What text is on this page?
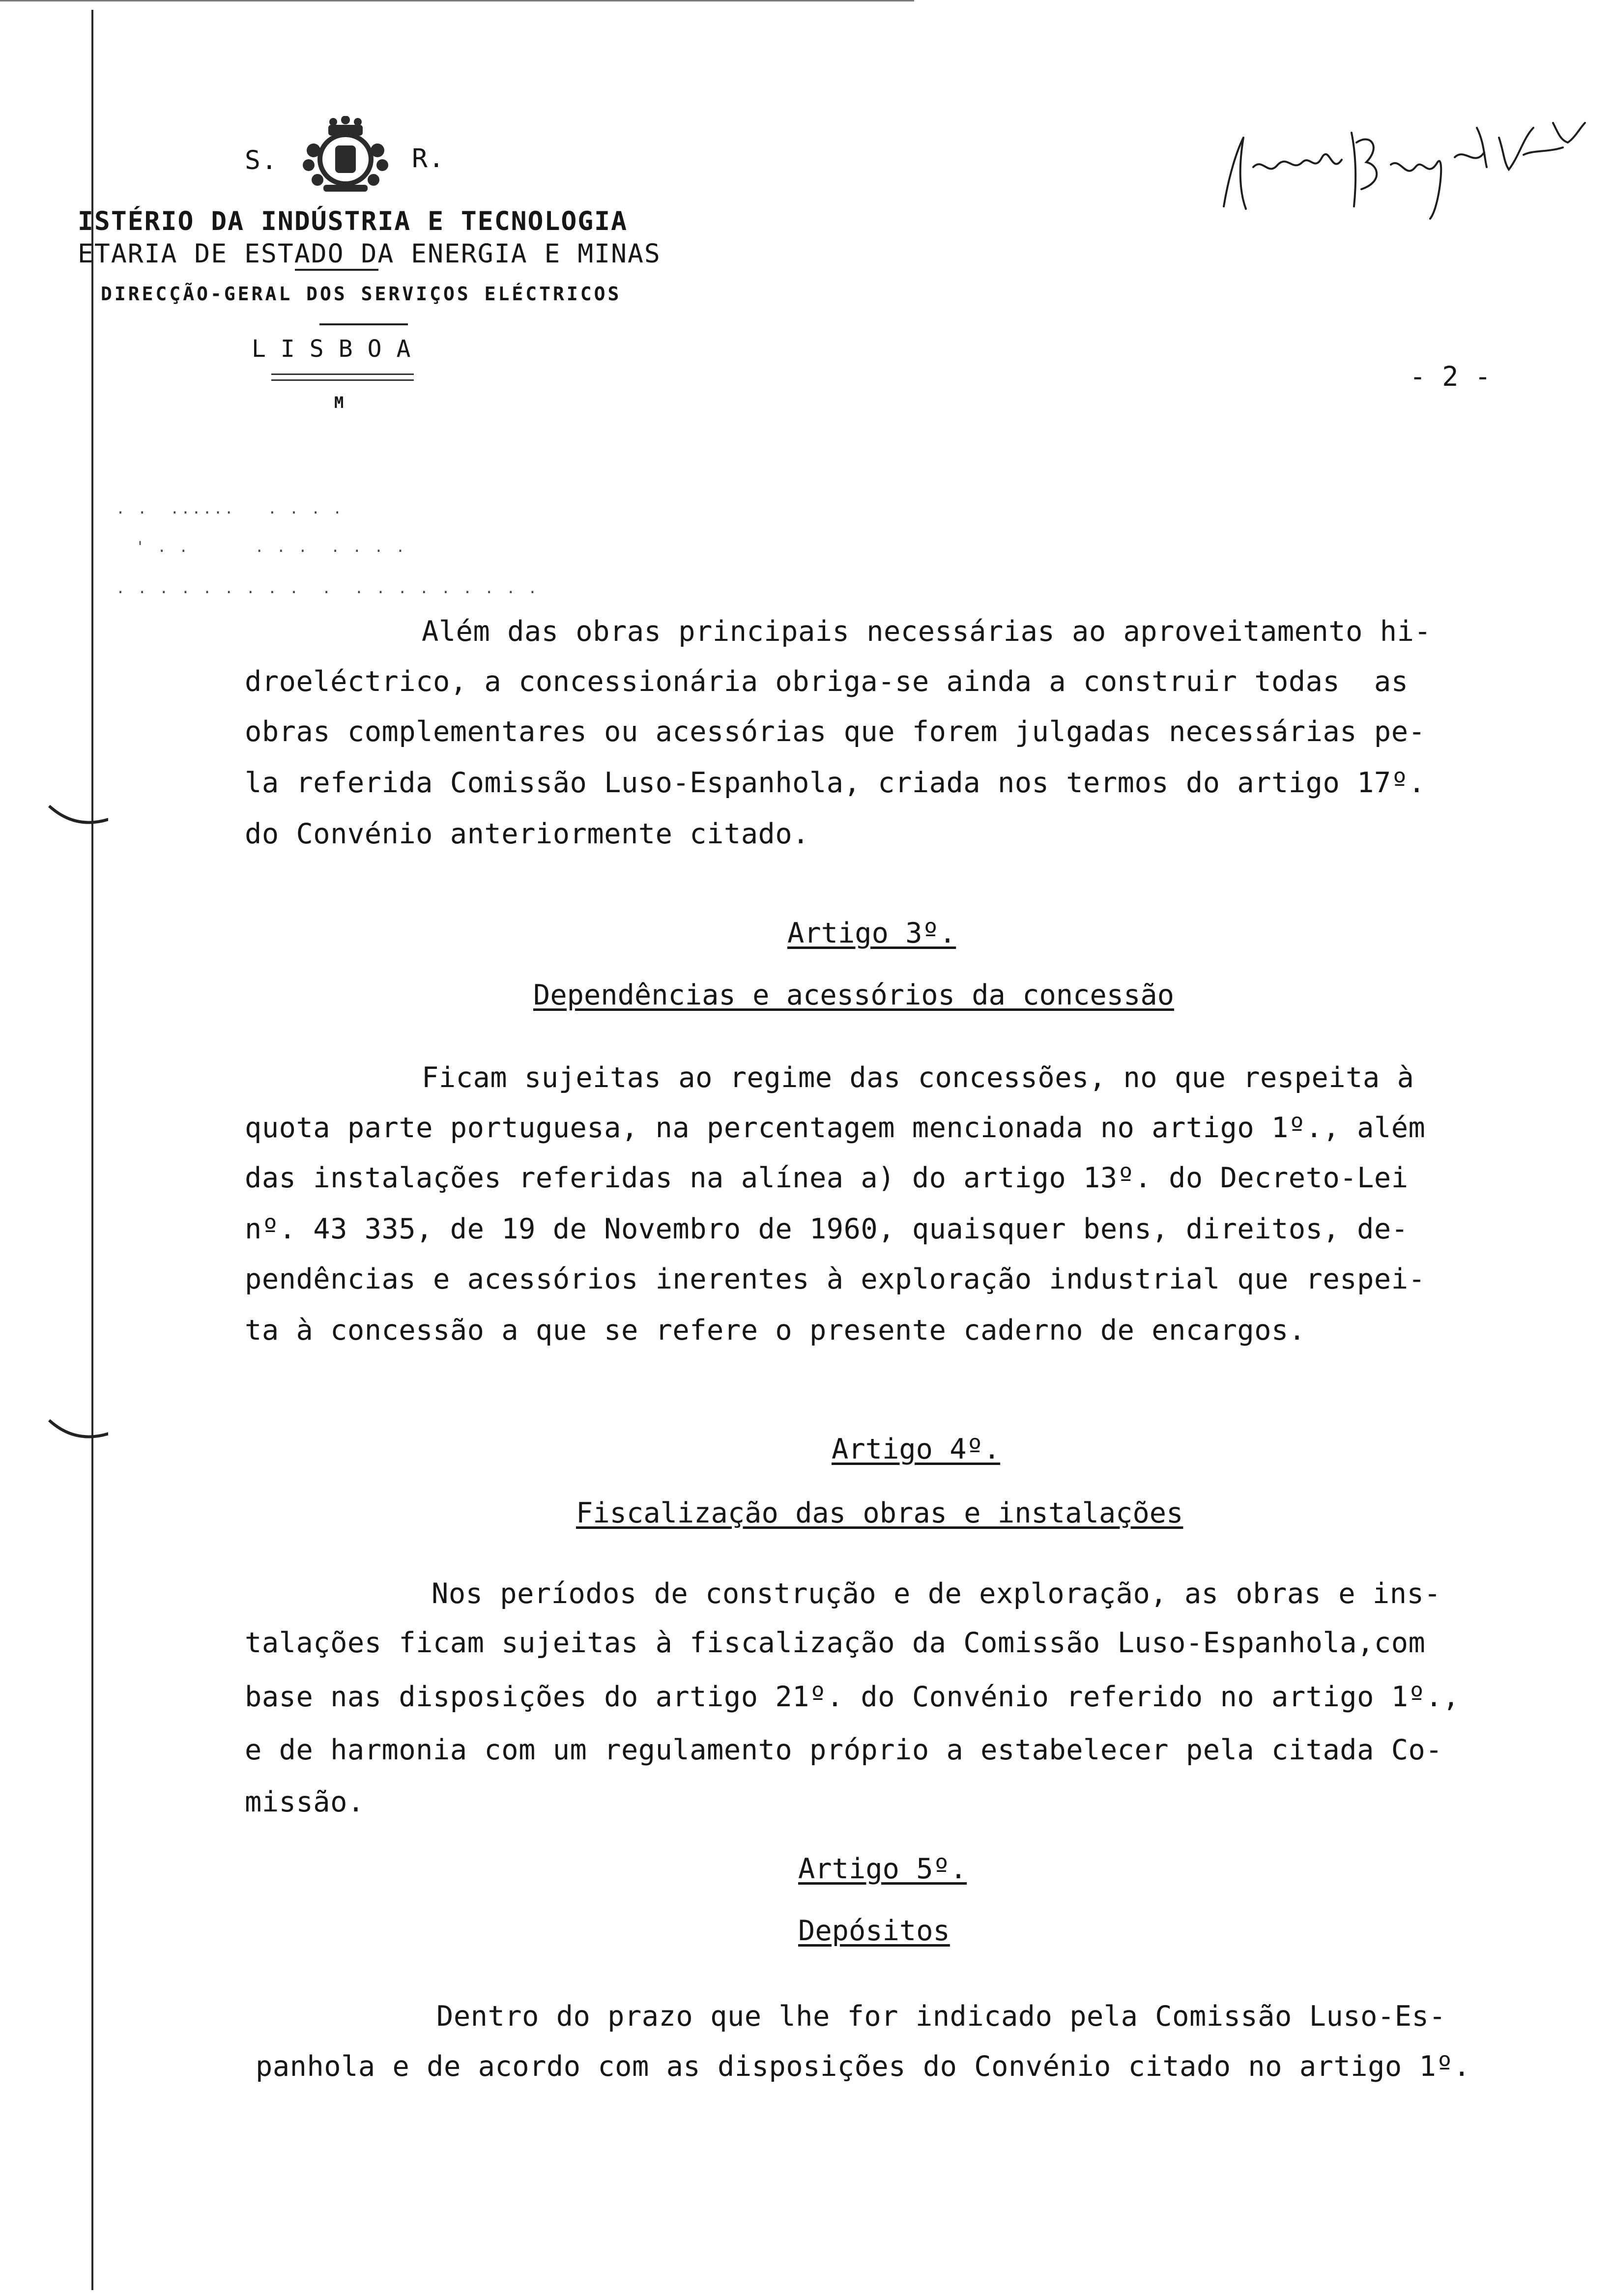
S.	R.
ISTÉRIO DA INDÚSTRIA E TECNOLOGIA
ETARIA DE ESTADO DA ENERGIA E MINAS
DIRECÇÃO-GERAL DOS SERVIÇOS ELÉCTRICOS
LISBOA
M
- 2 -
. .  ......   . . . .
' . .      . . .  . . . .
. . . . . . . . .  .  . . . . . . . . .
Além das obras principais necessárias ao aproveitamento hi-
droeléctrico, a concessionária obriga-se ainda a construir todas  as
obras complementares ou acessórias que forem julgadas necessárias pe-
la referida Comissão Luso-Espanhola, criada nos termos do artigo 17º.
do Convénio anteriormente citado.
Artigo 3º.
Dependências e acessórios da concessão
Ficam sujeitas ao regime das concessões, no que respeita à
quota parte portuguesa, na percentagem mencionada no artigo 1º., além
das instalações referidas na alínea a) do artigo 13º. do Decreto-Lei
nº. 43 335, de 19 de Novembro de 1960, quaisquer bens, direitos, de-
pendências e acessórios inerentes à exploração industrial que respei-
ta à concessão a que se refere o presente caderno de encargos.
Artigo 4º.
Fiscalização das obras e instalações
Nos períodos de construção e de exploração, as obras e ins-
talações ficam sujeitas à fiscalização da Comissão Luso-Espanhola,com
base nas disposições do artigo 21º. do Convénio referido no artigo 1º.,
e de harmonia com um regulamento próprio a estabelecer pela citada Co-
missão.
Artigo 5º.
Depósitos
Dentro do prazo que lhe for indicado pela Comissão Luso-Es-
panhola e de acordo com as disposições do Convénio citado no artigo 1º.
